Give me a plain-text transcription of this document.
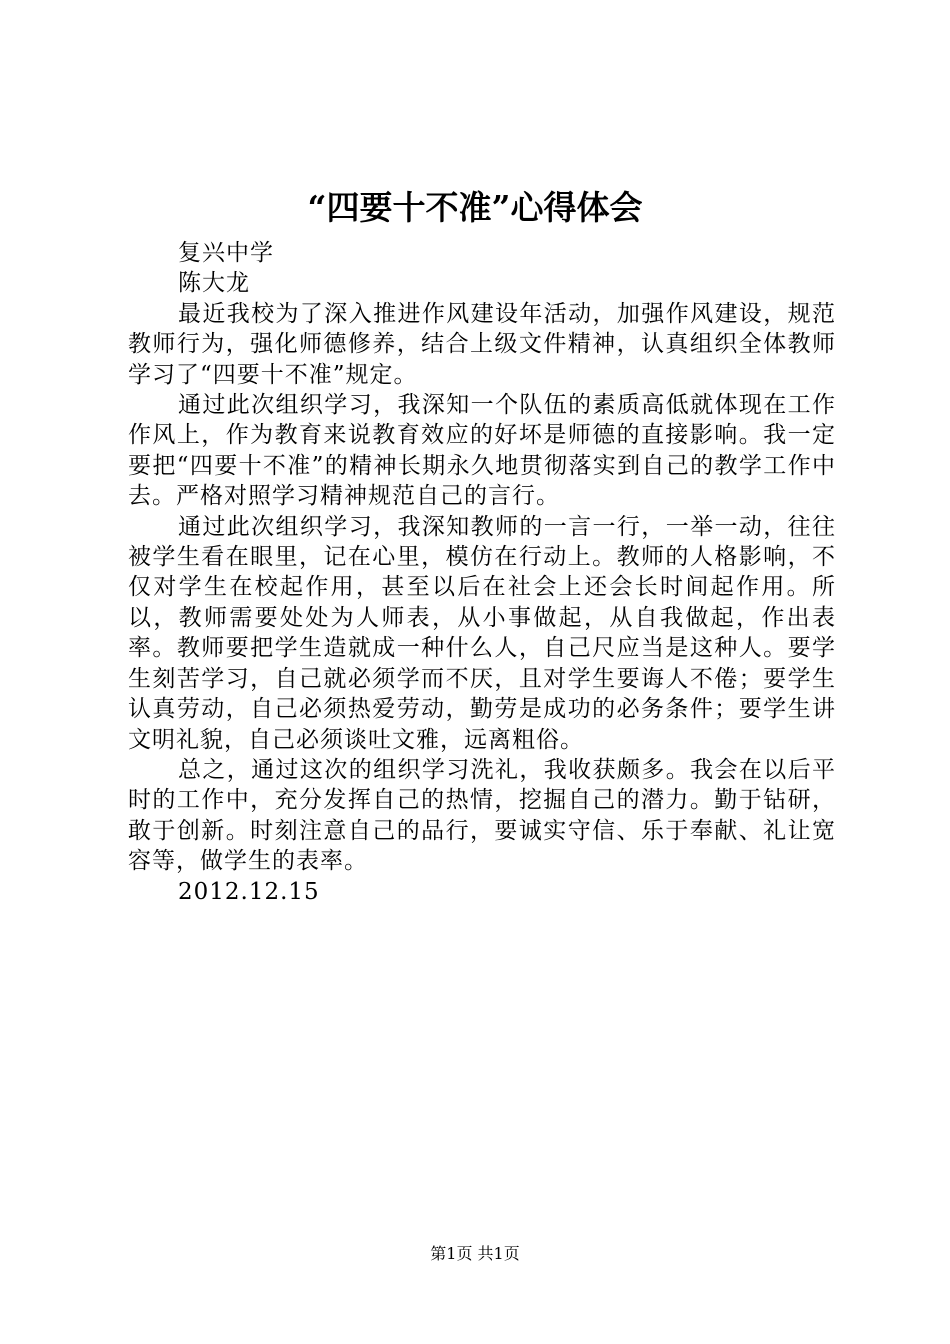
“四要十不准”心得体会

复兴中学

陈大龙

最近我校为了深入推进作风建设年活动，加强作风建设，规范教师行为，强化师德修养，结合上级文件精神，认真组织全体教师学习了“四要十不准”规定。

通过此次组织学习，我深知一个队伍的素质高低就体现在工作作风上，作为教育来说教育效应的好坏是师德的直接影响。我一定要把“四要十不准”的精神长期永久地贯彻落实到自己的教学工作中去。严格对照学习精神规范自己的言行。

通过此次组织学习，我深知教师的一言一行，一举一动，往往被学生看在眼里，记在心里，模仿在行动上。教师的人格影响，不仅对学生在校起作用，甚至以后在社会上还会长时间起作用。所以，教师需要处处为人师表，从小事做起，从自我做起，作出表率。教师要把学生造就成一种什么人，自己尺应当是这种人。要学生刻苦学习，自己就必须学而不厌，且对学生要诲人不倦；要学生认真劳动，自己必须热爱劳动，勤劳是成功的必务条件；要学生讲文明礼貌，自己必须谈吐文雅，远离粗俗。

总之，通过这次的组织学习洗礼，我收获颇多。我会在以后平时的工作中，充分发挥自己的热情，挖掘自己的潜力。勤于钻研，敢于创新。时刻注意自己的品行，要诚实守信、乐于奉献、礼让宽容等，做学生的表率。

2012.12.15

第1页 共1页
